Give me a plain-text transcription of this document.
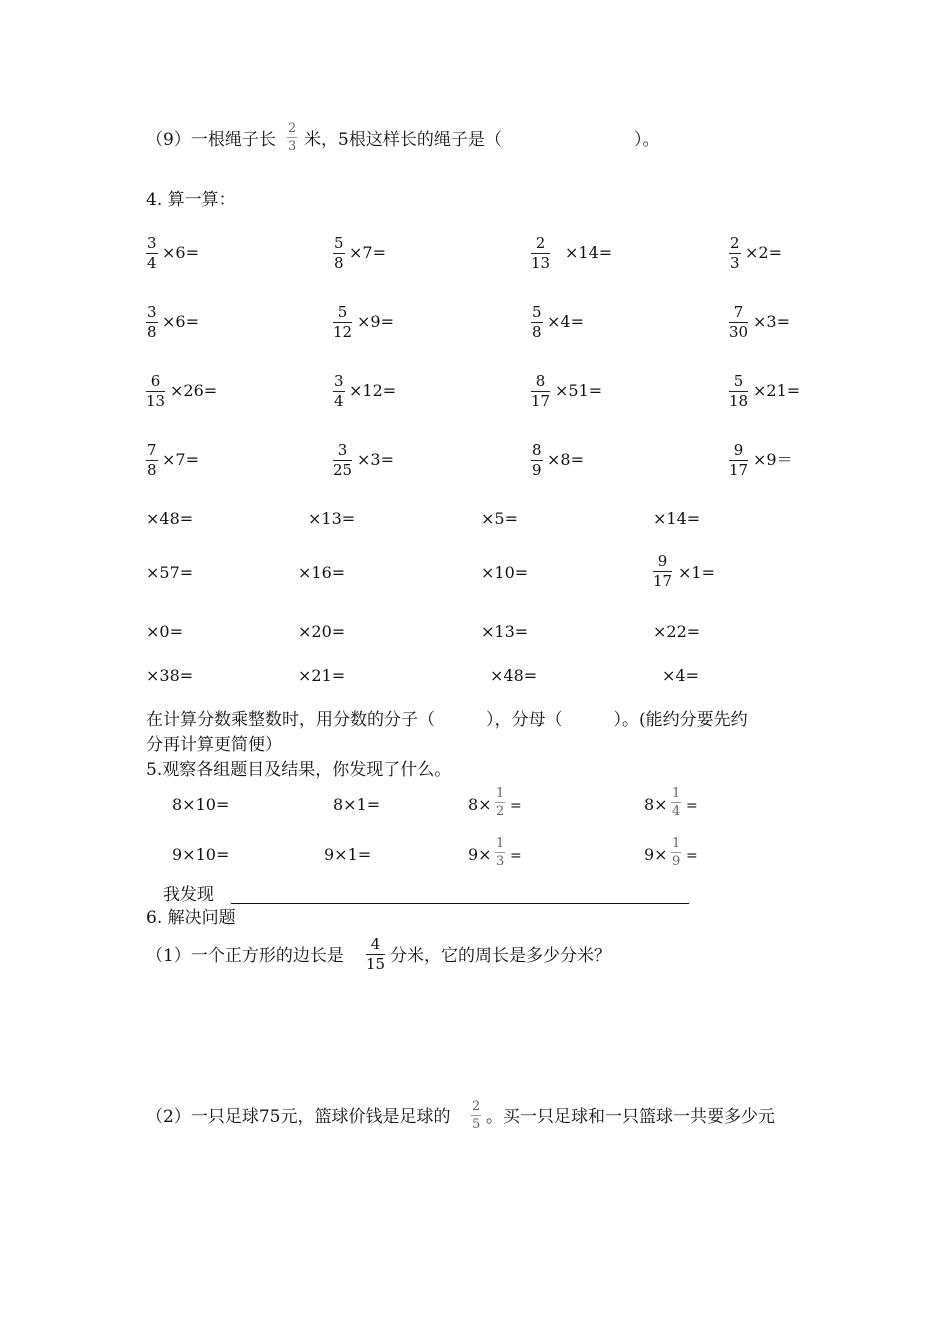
（9）一根绳子长 $\frac{2}{3}$ 米，5根这样长的绳子是（	）。
4. 算一算：
$\frac{3}{4} \times 6=$	$\frac{5}{8} \times 7=$	$\frac{2}{13} \times 14=$	$\frac{2}{3} \times 2=$
$\frac{3}{8} \times 6=$	$\frac{5}{12} \times 9=$	$\frac{5}{8} \times 4=$	$\frac{7}{30} \times 3=$
$\frac{6}{13} \times 26=$	$\frac{3}{4} \times 12=$	$\frac{8}{17} \times 51=$	$\frac{5}{18} \times 21=$
$\frac{7}{8} \times 7=$	$\frac{3}{25} \times 3=$	$\frac{8}{9} \times 8=$	$\frac{9}{17} \times 9=$
×48=	×13=	×5=	×14=
×57=	×16=	×10=	$\frac{9}{17} \times 1=$
×0=	×20=	×13=	×22=
×38=	×21=	×48=	×4=
在计算分数乘整数时，用分数的分子（　　　），分母（　　　）。(能约分要先约
分再计算更简便）
5.观察各组题目及结果，你发现了什么。
8×10=	8×1=	$8\times \frac{1}{2}$ =	$8\times \frac{1}{4}$ =
9×10=	9×1=	$9\times \frac{1}{3}$ =	$9\times \frac{1}{9}$ =
我发现
6. 解决问题
（1）一个正方形的边长是 $\frac{4}{15}$ 分米，它的周长是多少分米？
（2）一只足球75元，篮球价钱是足球的 $\frac{2}{5}$ 。买一只足球和一只篮球一共要多少元
